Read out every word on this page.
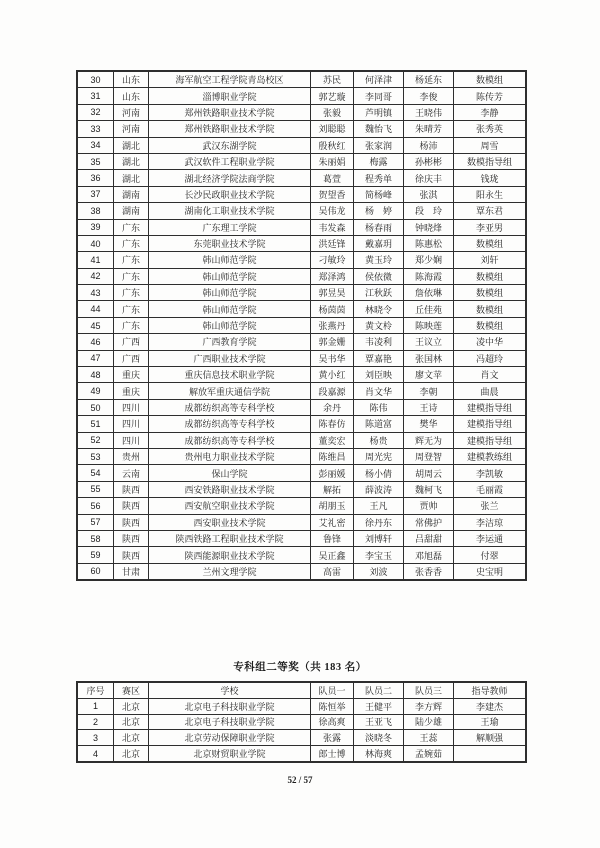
30	山东	海军航空工程学院青岛校区	苏民	何泽津	杨延东	数模组
31	山东	淄博职业学院	郭艺璇	李同哥	李俊	陈传芳
32	河南	郑州铁路职业技术学院	张毅	芦明镇	王晓伟	李静
33	河南	郑州铁路职业技术学院	刘聪聪	魏怡飞	朱晴芳	张秀英
34	湖北	武汉东湖学院	殷秋红	张家润	杨沛	周雪
35	湖北	武汉软件工程职业学院	朱丽娟	梅露	孙彬彬	数模指导组
36	湖北	湖北经济学院法商学院	葛萱	程秀单	徐庆丰	钱珑
37	湖南	长沙民政职业技术学院	贺望香	简杨峰	张淇	阳永生
38	湖南	湖南化工职业技术学院	吴伟龙	杨　婷	段　玲	覃东君
39	广东	广东理工学院	韦发森	杨春雨	钟晓烽	李亚男
40	广东	东莞职业技术学院	洪廷锋	戴嘉玥	陈惠松	数模组
41	广东	韩山师范学院	刁敏玲	黄玉玲	郑少娴	刘轩
42	广东	韩山师范学院	郑泽鸿	侯依微	陈海霞	数模组
43	广东	韩山师范学院	郭昱昊	江秋跃	詹依琳	数模组
44	广东	韩山师范学院	杨茵茵	林晓令	丘佳苑	数模组
45	广东	韩山师范学院	张燕丹	黄文柃	陈映莲	数模组
46	广西	广西教育学院	郭金姗	韦凌利	王议立	凌中华
47	广西	广西职业技术学院	吴书华	覃嘉艳	张国林	冯超玲
48	重庆	重庆信息技术职业学院	黄小红	刘臣映	廖文苹	肖文
49	重庆	解放军重庆通信学院	段嘉源	肖文华	李朝	曲晨
50	四川	成都纺织高等专科学校	余丹	陈伟	王诗	建模指导组
51	四川	成都纺织高等专科学校	陈春仿	陈道富	樊华	建模指导组
52	四川	成都纺织高等专科学校	董奕宏	杨贵	辉无为	建模指导组
53	贵州	贵州电力职业技术学院	陈维昌	周光宪	周登智	建模教练组
54	云南	保山学院	彭丽媛	杨小倩	胡周云	李凯敏
55	陕西	西安铁路职业技术学院	解拓	薛波涛	魏柯飞	毛丽霞
56	陕西	西安航空职业技术学院	胡朋玉	王凡	贾帅	张兰
57	陕西	西安职业技术学院	艾礼密	徐丹东	常佛护	李洁琼
58	陕西	陕西铁路工程职业技术学院	鲁锋	刘博轩	吕甜甜	李运通
59	陕西	陕西能源职业技术学院	吴正鑫	李宝玉	邓旭磊	付翠
60	甘肃	兰州文理学院	高雷	刘波	张香香	史宝明
专科组二等奖（共 183 名）
序号	赛区	学校	队员一	队员二	队员三	指导教师
1	北京	北京电子科技职业学院	陈恒举	王健平	李方辉	李建杰
2	北京	北京电子科技职业学院	徐高爽	王亚飞	陆少雄	王瑜
3	北京	北京劳动保障职业学院	张露	淡晓冬	王蕊	解顺强
4	北京	北京财贸职业学院	郎士博	林海爽	孟婉茹	
52 / 57
